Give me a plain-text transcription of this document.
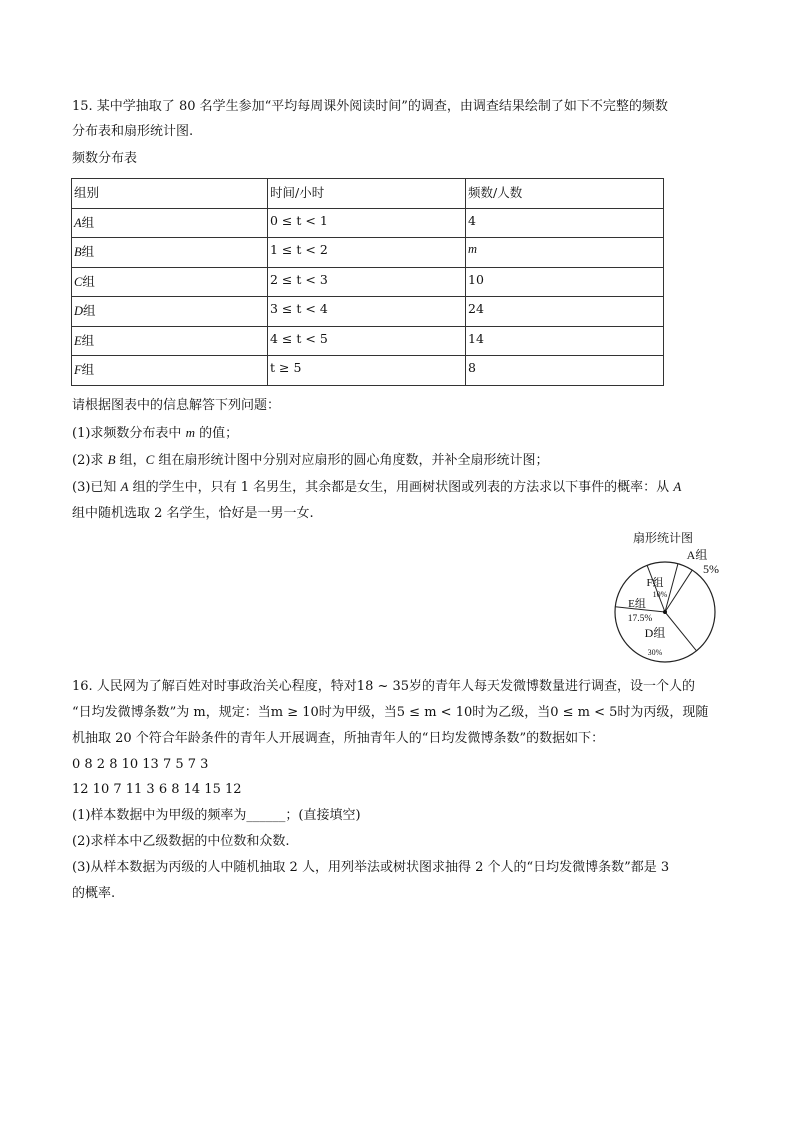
15. 某中学抽取了 80 名学生参加“平均每周课外阅读时间”的调查，由调查结果绘制了如下不完整的频数
分布表和扇形统计图.
频数分布表
组别	时间/小时	频数/人数
A组	0 ≤ t < 1	4
B组	1 ≤ t < 2	m
C组	2 ≤ t < 3	10
D组	3 ≤ t < 4	24
E组	4 ≤ t < 5	14
F组	t ≥ 5	8
请根据图表中的信息解答下列问题：
(1)求频数分布表中 m 的值；
(2)求 B 组，C 组在扇形统计图中分别对应扇形的圆心角度数，并补全扇形统计图；
(3)已知 A 组的学生中，只有 1 名男生，其余都是女生，用画树状图或列表的方法求以下事件的概率：从 A
组中随机选取 2 名学生，恰好是一男一女.
扇形统计图
A组
5%
F组
10%
E组
17.5%
D组
30%
16. 人民网为了解百姓对时事政治关心程度，特对18 ~ 35岁的青年人每天发微博数量进行调查，设一个人的
“日均发微博条数”为 m，规定：当m ≥ 10时为甲级，当5 ≤ m < 10时为乙级，当0 ≤ m < 5时为丙级，现随
机抽取 20 个符合年龄条件的青年人开展调查，所抽青年人的“日均发微博条数”的数据如下：
0 8 2 8 10 13 7 5 7 3
12 10 7 11 3 6 8 14 15 12
(1)样本数据中为甲级的频率为______；(直接填空)
(2)求样本中乙级数据的中位数和众数.
(3)从样本数据为丙级的人中随机抽取 2 人，用列举法或树状图求抽得 2 个人的“日均发微博条数”都是 3
的概率.
